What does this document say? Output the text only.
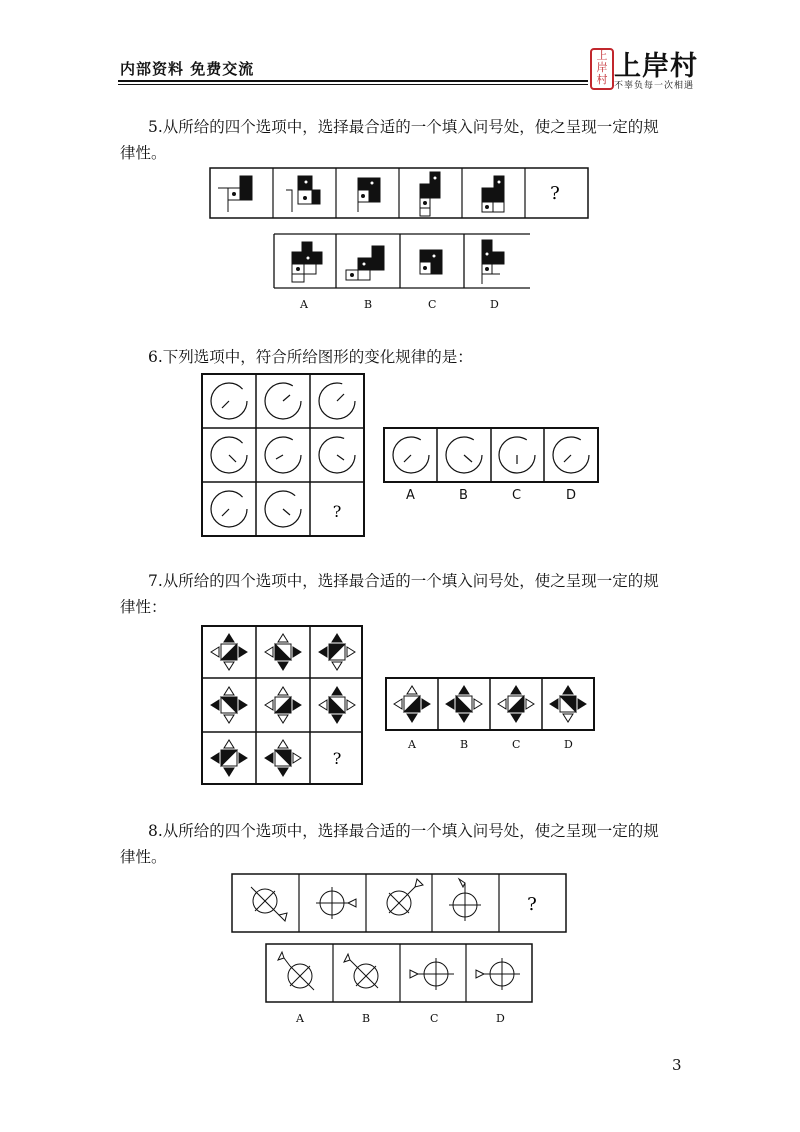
内部资料 免费交流
上岸村 上岸村
不辜负每一次相遇
5.从所给的四个选项中，选择最合适的一个填入问号处，使之呈现一定的规
律性。
?
A	B	C	D
6.下列选项中，符合所给图形的变化规律的是：
?
A	B	C	D
7.从所给的四个选项中，选择最合适的一个填入问号处，使之呈现一定的规
律性：
?
A	B	C	D
8.从所给的四个选项中，选择最合适的一个填入问号处，使之呈现一定的规
律性。
?
A	B	C	D
3
